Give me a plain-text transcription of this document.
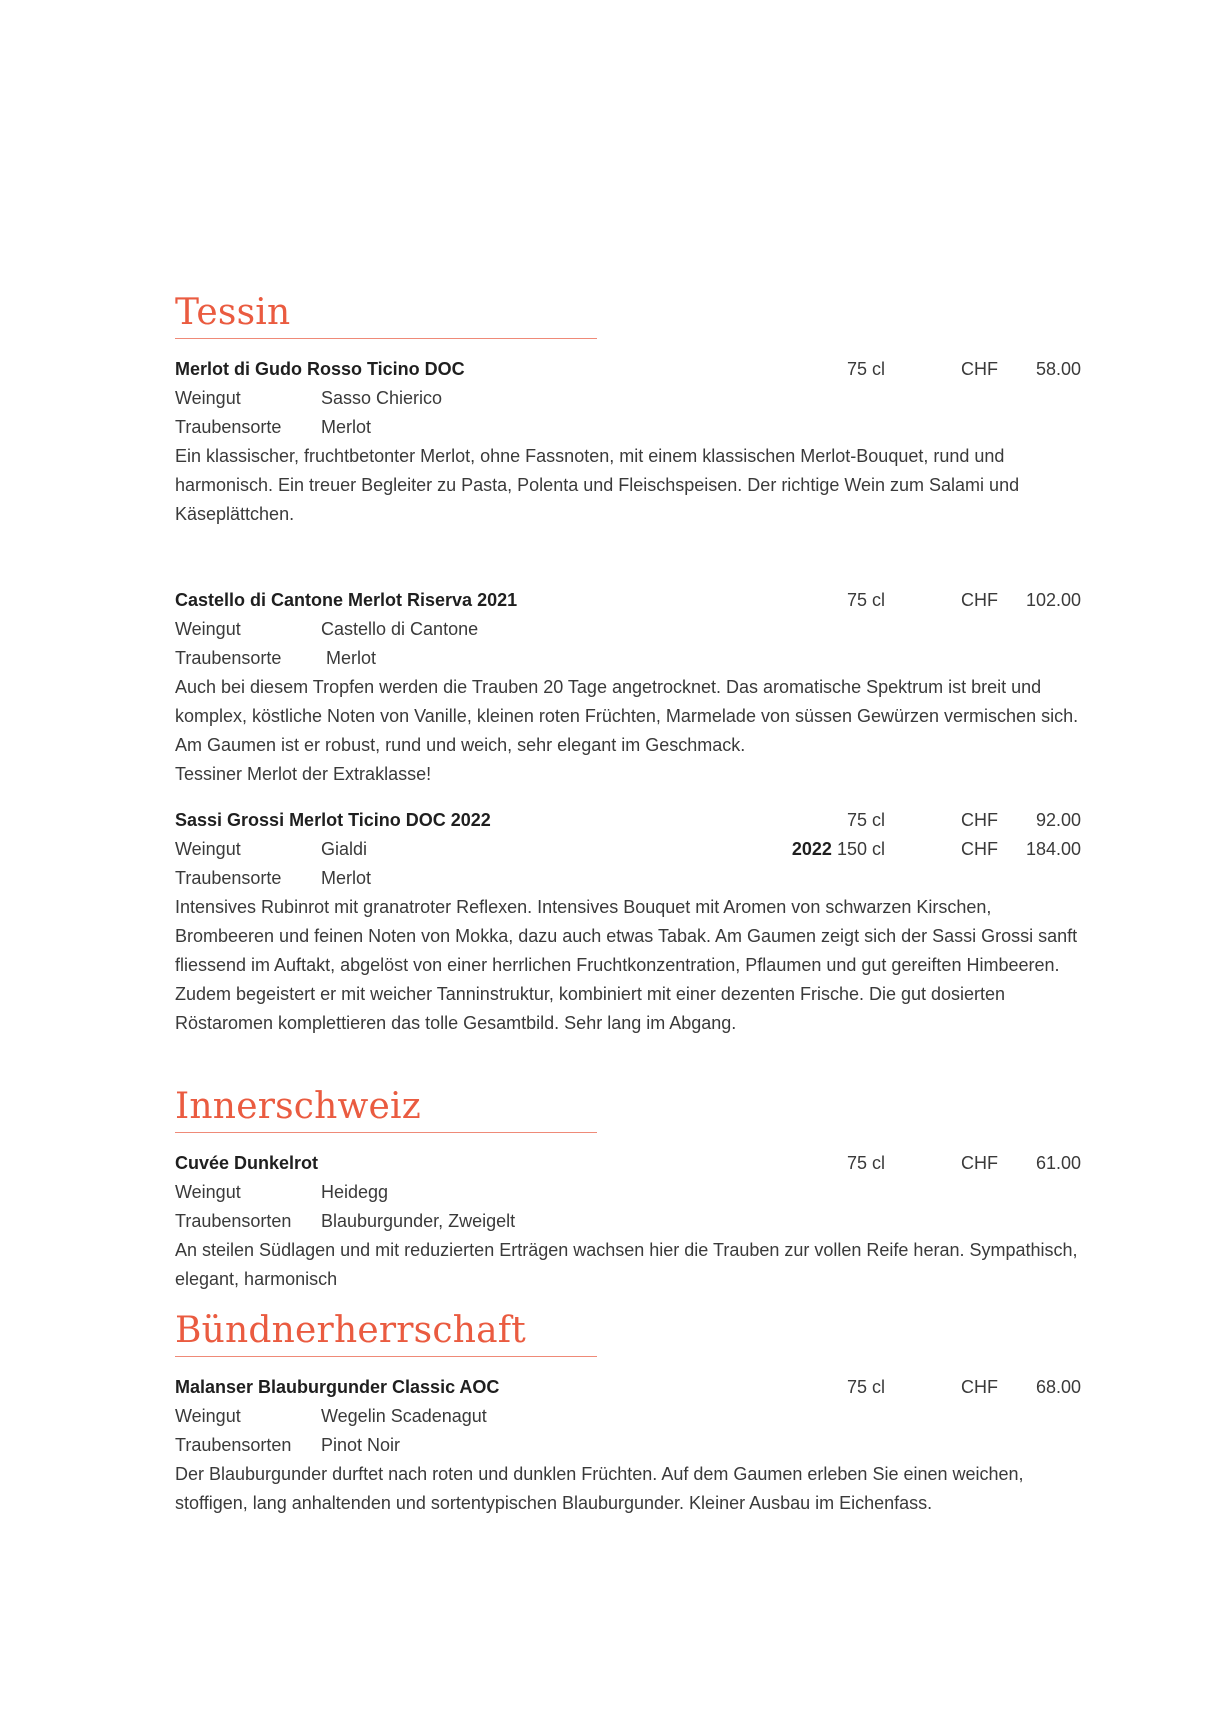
Tessin
Merlot di Gudo Rosso Ticino DOC	75 cl	CHF 58.00
Weingut	Sasso Chierico
Traubensorte Merlot

Ein klassischer, fruchtbetonter Merlot, ohne Fassnoten, mit einem klassischen Merlot-Bouquet, rund und harmonisch. Ein treuer Begleiter zu Pasta, Polenta und Fleischspeisen. Der richtige Wein zum Salami und Käseplättchen.

Castello di Cantone Merlot Riserva 2021	75 cl	CHF 102.00
Weingut	Castello di Cantone
Traubensorte Merlot

Auch bei diesem Tropfen werden die Trauben 20 Tage angetrocknet. Das aromatische Spektrum ist breit und komplex, köstliche Noten von Vanille, kleinen roten Früchten, Marmelade von süssen Gewürzen vermischen sich. Am Gaumen ist er robust, rund und weich, sehr elegant im Geschmack.

Tessiner Merlot der Extraklasse!

Sassi Grossi Merlot Ticino DOC 2022	75 cl	CHF 92.00
Weingut	Gialdi	2022 150 cl	CHF 184.00
Traubensorte Merlot

Intensives Rubinrot mit granatroter Reflexen. Intensives Bouquet mit Aromen von schwarzen Kirschen, Brombeeren und feinen Noten von Mokka, dazu auch etwas Tabak. Am Gaumen zeigt sich der Sassi Grossi sanft fliessend im Auftakt, abgelöst von einer herrlichen Fruchtkonzentration, Pflaumen und gut gereiften Himbeeren. Zudem begeistert er mit weicher Tanninstruktur, kombiniert mit einer dezenten Frische. Die gut dosierten Röstaromen komplettieren das tolle Gesamtbild. Sehr lang im Abgang.

Innerschweiz
Cuvée Dunkelrot	75 cl	CHF 61.00
Weingut	Heidegg
Traubensorten Blauburgunder, Zweigelt

An steilen Südlagen und mit reduzierten Erträgen wachsen hier die Trauben zur vollen Reife heran. Sympathisch, elegant, harmonisch

Bündnerherrschaft
Malanser Blauburgunder Classic AOC	75 cl	CHF 68.00
Weingut	Wegelin Scadenagut
Traubensorten Pinot Noir

Der Blauburgunder durftet nach roten und dunklen Früchten. Auf dem Gaumen erleben Sie einen weichen, stoffigen, lang anhaltenden und sortentypischen Blauburgunder. Kleiner Ausbau im Eichenfass.
